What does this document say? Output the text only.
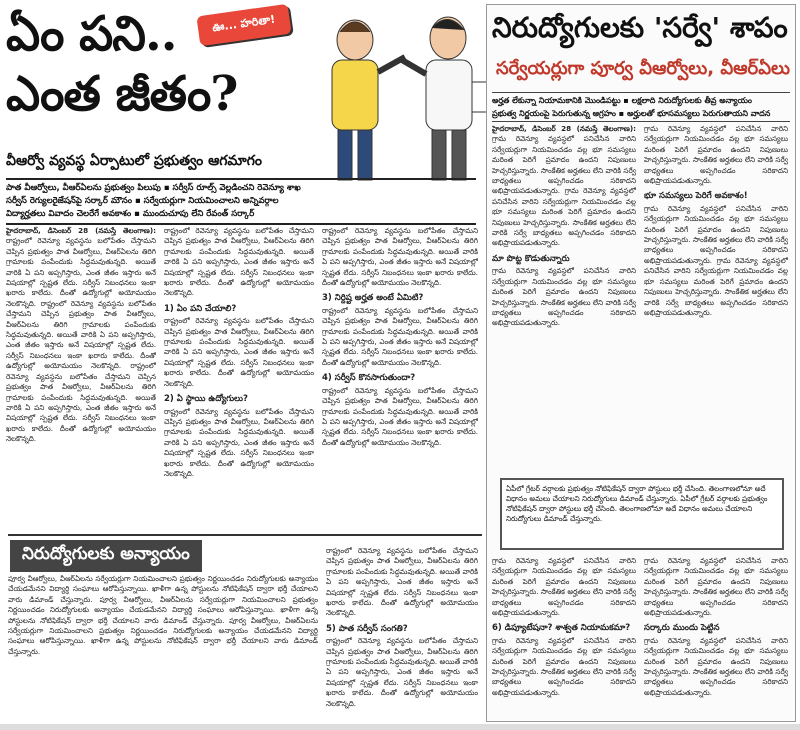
ఏం పని..
ఎంత జీతం?
ఊ... హరితా!
వీఆర్వో వ్యవస్థ ఏర్పాటులో ప్రభుత్వం ఆగమాగం
పాత వీఆర్వోలు, వీఆర్ఏలను ప్రభుత్వం పిలుపు ▪ సర్వీస్ రూల్స్ వెల్లడించని రెవెన్యూ శాఖ
సర్వీస్ రెగ్యులరైజేషన్‌పై సర్కార్ మౌనం ▪ సర్వేయర్లుగా నియమించాలని అన్నివర్గాల
విద్యార్హతలు వివాదం చెలరేగే అవకాశం ▪ ముందుచూపు లేని రేవంత్ సర్కార్
హైదరాబాద్, డిసెంబర్ 28 (నమస్తే తెలంగాణ): రాష్ట్రంలో రెవెన్యూ వ్యవస్థను బలోపేతం చేస్తామని చెప్పిన ప్రభుత్వం పాత వీఆర్వోలు, వీఆర్ఏలను తిరిగి గ్రామాలకు పంపేందుకు సిద్ధమవుతున్నది. అయితే వారికి ఏ పని అప్పగిస్తారు, ఎంత జీతం ఇస్తారు అనే విషయాల్లో స్పష్టత లేదు. సర్వీస్ నిబంధనలు ఇంకా ఖరారు కాలేదు. దీంతో ఉద్యోగుల్లో అయోమయం నెలకొన్నది. రాష్ట్రంలో రెవెన్యూ వ్యవస్థను బలోపేతం చేస్తామని చెప్పిన ప్రభుత్వం పాత వీఆర్వోలు, వీఆర్ఏలను తిరిగి గ్రామాలకు పంపేందుకు సిద్ధమవుతున్నది. అయితే వారికి ఏ పని అప్పగిస్తారు, ఎంత జీతం ఇస్తారు అనే విషయాల్లో స్పష్టత లేదు. సర్వీస్ నిబంధనలు ఇంకా ఖరారు కాలేదు. దీంతో ఉద్యోగుల్లో అయోమయం నెలకొన్నది. రాష్ట్రంలో రెవెన్యూ వ్యవస్థను బలోపేతం చేస్తామని చెప్పిన ప్రభుత్వం పాత వీఆర్వోలు, వీఆర్ఏలను తిరిగి గ్రామాలకు పంపేందుకు సిద్ధమవుతున్నది. అయితే వారికి ఏ పని అప్పగిస్తారు, ఎంత జీతం ఇస్తారు అనే విషయాల్లో స్పష్టత లేదు. సర్వీస్ నిబంధనలు ఇంకా ఖరారు కాలేదు. దీంతో ఉద్యోగుల్లో అయోమయం నెలకొన్నది.
రాష్ట్రంలో రెవెన్యూ వ్యవస్థను బలోపేతం చేస్తామని చెప్పిన ప్రభుత్వం పాత వీఆర్వోలు, వీఆర్ఏలను తిరిగి గ్రామాలకు పంపేందుకు సిద్ధమవుతున్నది. అయితే వారికి ఏ పని అప్పగిస్తారు, ఎంత జీతం ఇస్తారు అనే విషయాల్లో స్పష్టత లేదు. సర్వీస్ నిబంధనలు ఇంకా ఖరారు కాలేదు. దీంతో ఉద్యోగుల్లో అయోమయం నెలకొన్నది.
1) ఏం పని చేయాలి?
రాష్ట్రంలో రెవెన్యూ వ్యవస్థను బలోపేతం చేస్తామని చెప్పిన ప్రభుత్వం పాత వీఆర్వోలు, వీఆర్ఏలను తిరిగి గ్రామాలకు పంపేందుకు సిద్ధమవుతున్నది. అయితే వారికి ఏ పని అప్పగిస్తారు, ఎంత జీతం ఇస్తారు అనే విషయాల్లో స్పష్టత లేదు. సర్వీస్ నిబంధనలు ఇంకా ఖరారు కాలేదు. దీంతో ఉద్యోగుల్లో అయోమయం నెలకొన్నది.
2) ఏ స్థాయి ఉద్యోగులు?
రాష్ట్రంలో రెవెన్యూ వ్యవస్థను బలోపేతం చేస్తామని చెప్పిన ప్రభుత్వం పాత వీఆర్వోలు, వీఆర్ఏలను తిరిగి గ్రామాలకు పంపేందుకు సిద్ధమవుతున్నది. అయితే వారికి ఏ పని అప్పగిస్తారు, ఎంత జీతం ఇస్తారు అనే విషయాల్లో స్పష్టత లేదు. సర్వీస్ నిబంధనలు ఇంకా ఖరారు కాలేదు. దీంతో ఉద్యోగుల్లో అయోమయం నెలకొన్నది.
రాష్ట్రంలో రెవెన్యూ వ్యవస్థను బలోపేతం చేస్తామని చెప్పిన ప్రభుత్వం పాత వీఆర్వోలు, వీఆర్ఏలను తిరిగి గ్రామాలకు పంపేందుకు సిద్ధమవుతున్నది. అయితే వారికి ఏ పని అప్పగిస్తారు, ఎంత జీతం ఇస్తారు అనే విషయాల్లో స్పష్టత లేదు. సర్వీస్ నిబంధనలు ఇంకా ఖరారు కాలేదు. దీంతో ఉద్యోగుల్లో అయోమయం నెలకొన్నది.
3) నిర్దిష్ట అర్హత అంటే ఏమిటి?
రాష్ట్రంలో రెవెన్యూ వ్యవస్థను బలోపేతం చేస్తామని చెప్పిన ప్రభుత్వం పాత వీఆర్వోలు, వీఆర్ఏలను తిరిగి గ్రామాలకు పంపేందుకు సిద్ధమవుతున్నది. అయితే వారికి ఏ పని అప్పగిస్తారు, ఎంత జీతం ఇస్తారు అనే విషయాల్లో స్పష్టత లేదు. సర్వీస్ నిబంధనలు ఇంకా ఖరారు కాలేదు. దీంతో ఉద్యోగుల్లో అయోమయం నెలకొన్నది.
4) సర్వీస్ కొనసాగుతుందా?
రాష్ట్రంలో రెవెన్యూ వ్యవస్థను బలోపేతం చేస్తామని చెప్పిన ప్రభుత్వం పాత వీఆర్వోలు, వీఆర్ఏలను తిరిగి గ్రామాలకు పంపేందుకు సిద్ధమవుతున్నది. అయితే వారికి ఏ పని అప్పగిస్తారు, ఎంత జీతం ఇస్తారు అనే విషయాల్లో స్పష్టత లేదు. సర్వీస్ నిబంధనలు ఇంకా ఖరారు కాలేదు. దీంతో ఉద్యోగుల్లో అయోమయం నెలకొన్నది.
నిరుద్యోగులకు అన్యాయం
పూర్వ వీఆర్వోలు, వీఆర్ఏలను సర్వేయర్లుగా నియమించాలని ప్రభుత్వం నిర్ణయించడం నిరుద్యోగులకు అన్యాయం చేయడమేనని విద్యార్థి సంఘాలు ఆరోపిస్తున్నాయి. ఖాళీగా ఉన్న పోస్టులను నోటిఫికేషన్ ద్వారా భర్తీ చేయాలని వారు డిమాండ్ చేస్తున్నారు. పూర్వ వీఆర్వోలు, వీఆర్ఏలను సర్వేయర్లుగా నియమించాలని ప్రభుత్వం నిర్ణయించడం నిరుద్యోగులకు అన్యాయం చేయడమేనని విద్యార్థి సంఘాలు ఆరోపిస్తున్నాయి. ఖాళీగా ఉన్న పోస్టులను నోటిఫికేషన్ ద్వారా భర్తీ చేయాలని వారు డిమాండ్ చేస్తున్నారు. పూర్వ వీఆర్వోలు, వీఆర్ఏలను సర్వేయర్లుగా నియమించాలని ప్రభుత్వం నిర్ణయించడం నిరుద్యోగులకు అన్యాయం చేయడమేనని విద్యార్థి సంఘాలు ఆరోపిస్తున్నాయి. ఖాళీగా ఉన్న పోస్టులను నోటిఫికేషన్ ద్వారా భర్తీ చేయాలని వారు డిమాండ్ చేస్తున్నారు.
రాష్ట్రంలో రెవెన్యూ వ్యవస్థను బలోపేతం చేస్తామని చెప్పిన ప్రభుత్వం పాత వీఆర్వోలు, వీఆర్ఏలను తిరిగి గ్రామాలకు పంపేందుకు సిద్ధమవుతున్నది. అయితే వారికి ఏ పని అప్పగిస్తారు, ఎంత జీతం ఇస్తారు అనే విషయాల్లో స్పష్టత లేదు. సర్వీస్ నిబంధనలు ఇంకా ఖరారు కాలేదు. దీంతో ఉద్యోగుల్లో అయోమయం నెలకొన్నది.
5) పాత సర్వీస్ సంగతి?
రాష్ట్రంలో రెవెన్యూ వ్యవస్థను బలోపేతం చేస్తామని చెప్పిన ప్రభుత్వం పాత వీఆర్వోలు, వీఆర్ఏలను తిరిగి గ్రామాలకు పంపేందుకు సిద్ధమవుతున్నది. అయితే వారికి ఏ పని అప్పగిస్తారు, ఎంత జీతం ఇస్తారు అనే విషయాల్లో స్పష్టత లేదు. సర్వీస్ నిబంధనలు ఇంకా ఖరారు కాలేదు. దీంతో ఉద్యోగుల్లో అయోమయం నెలకొన్నది.
నిరుద్యోగులకు 'సర్వే' శాపం
సర్వేయర్లుగా పూర్వ వీఆర్వోలు, వీఆర్ఏలు
అర్హత లేకున్నా నియామకానికి మొండిపట్టు ▪ లక్షలాది నిరుద్యోగులకు తీవ్ర అన్యాయం
ప్రభుత్వ నిర్ణయంపై పెరుగుతున్న ఆగ్రహం ▪ అర్హులతో భూసమస్యలు పెరుగుతాయని వాదన
హైదరాబాద్, డిసెంబర్ 28 (నమస్తే తెలంగాణ): గ్రామ రెవెన్యూ వ్యవస్థలో పనిచేసిన వారిని సర్వేయర్లుగా నియమించడం వల్ల భూ సమస్యలు మరింత పెరిగే ప్రమాదం ఉందని నిపుణులు హెచ్చరిస్తున్నారు. సాంకేతిక అర్హతలు లేని వారికి సర్వే బాధ్యతలు అప్పగించడం సరికాదని అభిప్రాయపడుతున్నారు. గ్రామ రెవెన్యూ వ్యవస్థలో పనిచేసిన వారిని సర్వేయర్లుగా నియమించడం వల్ల భూ సమస్యలు మరింత పెరిగే ప్రమాదం ఉందని నిపుణులు హెచ్చరిస్తున్నారు. సాంకేతిక అర్హతలు లేని వారికి సర్వే బాధ్యతలు అప్పగించడం సరికాదని అభిప్రాయపడుతున్నారు.
మా పొట్ట కొడుతున్నారు
గ్రామ రెవెన్యూ వ్యవస్థలో పనిచేసిన వారిని సర్వేయర్లుగా నియమించడం వల్ల భూ సమస్యలు మరింత పెరిగే ప్రమాదం ఉందని నిపుణులు హెచ్చరిస్తున్నారు. సాంకేతిక అర్హతలు లేని వారికి సర్వే బాధ్యతలు అప్పగించడం సరికాదని అభిప్రాయపడుతున్నారు.
గ్రామ రెవెన్యూ వ్యవస్థలో పనిచేసిన వారిని సర్వేయర్లుగా నియమించడం వల్ల భూ సమస్యలు మరింత పెరిగే ప్రమాదం ఉందని నిపుణులు హెచ్చరిస్తున్నారు. సాంకేతిక అర్హతలు లేని వారికి సర్వే బాధ్యతలు అప్పగించడం సరికాదని అభిప్రాయపడుతున్నారు.
భూ సమస్యలు పెరిగే అవకాశం!
గ్రామ రెవెన్యూ వ్యవస్థలో పనిచేసిన వారిని సర్వేయర్లుగా నియమించడం వల్ల భూ సమస్యలు మరింత పెరిగే ప్రమాదం ఉందని నిపుణులు హెచ్చరిస్తున్నారు. సాంకేతిక అర్హతలు లేని వారికి సర్వే బాధ్యతలు అప్పగించడం సరికాదని అభిప్రాయపడుతున్నారు. గ్రామ రెవెన్యూ వ్యవస్థలో పనిచేసిన వారిని సర్వేయర్లుగా నియమించడం వల్ల భూ సమస్యలు మరింత పెరిగే ప్రమాదం ఉందని నిపుణులు హెచ్చరిస్తున్నారు. సాంకేతిక అర్హతలు లేని వారికి సర్వే బాధ్యతలు అప్పగించడం సరికాదని అభిప్రాయపడుతున్నారు.
ఏపీలో గ్రేటర్ వర్గాలకు ప్రభుత్వం నోటిఫికేషన్ ద్వారా పోస్టులు భర్తీ చేసింది. తెలంగాణలోనూ అదే విధానం అమలు చేయాలని నిరుద్యోగులు డిమాండ్ చేస్తున్నారు. ఏపీలో గ్రేటర్ వర్గాలకు ప్రభుత్వం నోటిఫికేషన్ ద్వారా పోస్టులు భర్తీ చేసింది. తెలంగాణలోనూ అదే విధానం అమలు చేయాలని నిరుద్యోగులు డిమాండ్ చేస్తున్నారు.
గ్రామ రెవెన్యూ వ్యవస్థలో పనిచేసిన వారిని సర్వేయర్లుగా నియమించడం వల్ల భూ సమస్యలు మరింత పెరిగే ప్రమాదం ఉందని నిపుణులు హెచ్చరిస్తున్నారు. సాంకేతిక అర్హతలు లేని వారికి సర్వే బాధ్యతలు అప్పగించడం సరికాదని అభిప్రాయపడుతున్నారు.
6) డిప్యూటేషనా? శాశ్వత నియామకమా?
గ్రామ రెవెన్యూ వ్యవస్థలో పనిచేసిన వారిని సర్వేయర్లుగా నియమించడం వల్ల భూ సమస్యలు మరింత పెరిగే ప్రమాదం ఉందని నిపుణులు హెచ్చరిస్తున్నారు. సాంకేతిక అర్హతలు లేని వారికి సర్వే బాధ్యతలు అప్పగించడం సరికాదని అభిప్రాయపడుతున్నారు.
గ్రామ రెవెన్యూ వ్యవస్థలో పనిచేసిన వారిని సర్వేయర్లుగా నియమించడం వల్ల భూ సమస్యలు మరింత పెరిగే ప్రమాదం ఉందని నిపుణులు హెచ్చరిస్తున్నారు. సాంకేతిక అర్హతలు లేని వారికి సర్వే బాధ్యతలు అప్పగించడం సరికాదని అభిప్రాయపడుతున్నారు.
సర్కారు ముందు పెట్టిన
గ్రామ రెవెన్యూ వ్యవస్థలో పనిచేసిన వారిని సర్వేయర్లుగా నియమించడం వల్ల భూ సమస్యలు మరింత పెరిగే ప్రమాదం ఉందని నిపుణులు హెచ్చరిస్తున్నారు. సాంకేతిక అర్హతలు లేని వారికి సర్వే బాధ్యతలు అప్పగించడం సరికాదని అభిప్రాయపడుతున్నారు.
